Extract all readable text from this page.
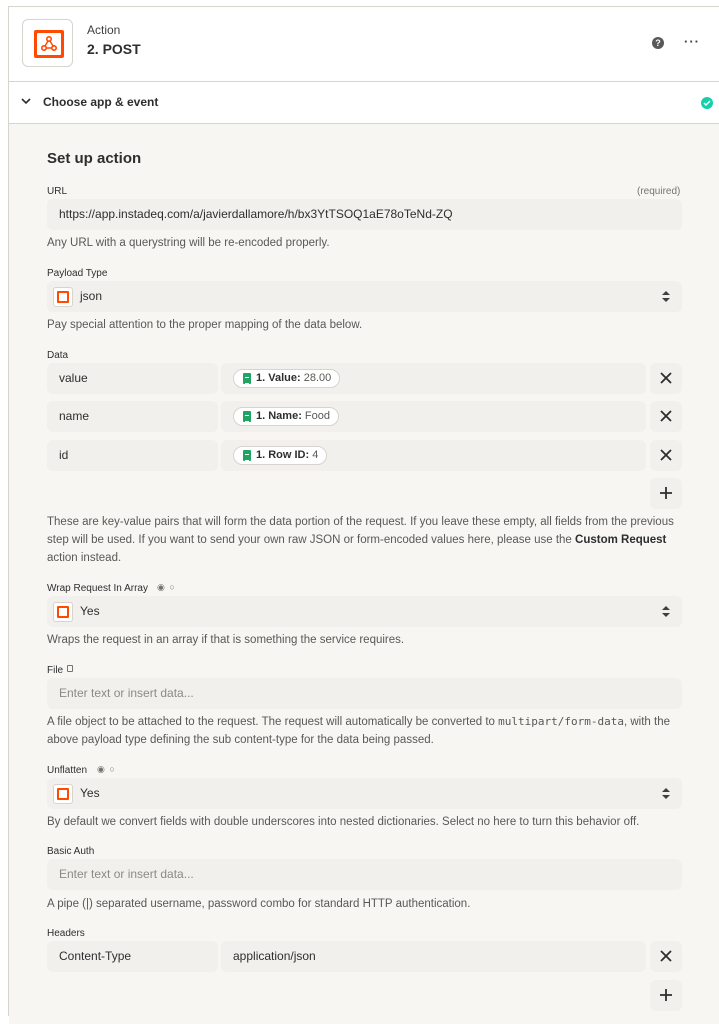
Action
2. POST	? ···
Choose app & event
Set up action
URL	(required)
https://app.instadeq.com/a/javierdallamore/h/bx3YtTSOQ1aE78oTeNd-ZQ
Any URL with a querystring will be re-encoded properly.
Payload Type
json
Pay special attention to the proper mapping of the data below.
Data
value	1. Value: 28.00
name	1. Name: Food
id	1. Row ID: 4
These are key-value pairs that will form the data portion of the request. If you leave these empty, all fields from the previous step will be used. If you want to send your own raw JSON or form-encoded values here, please use the Custom Request action instead.
Wrap Request In Array ◉ ○
Yes
Wraps the request in an array if that is something the service requires.
File
Enter text or insert data...
A file object to be attached to the request. The request will automatically be converted to multipart/form-data, with the above payload type defining the sub content-type for the data being passed.
Unflatten ◉ ○
Yes
By default we convert fields with double underscores into nested dictionaries. Select no here to turn this behavior off.
Basic Auth
Enter text or insert data...
A pipe (|) separated username, password combo for standard HTTP authentication.
Headers
Content-Type	application/json
